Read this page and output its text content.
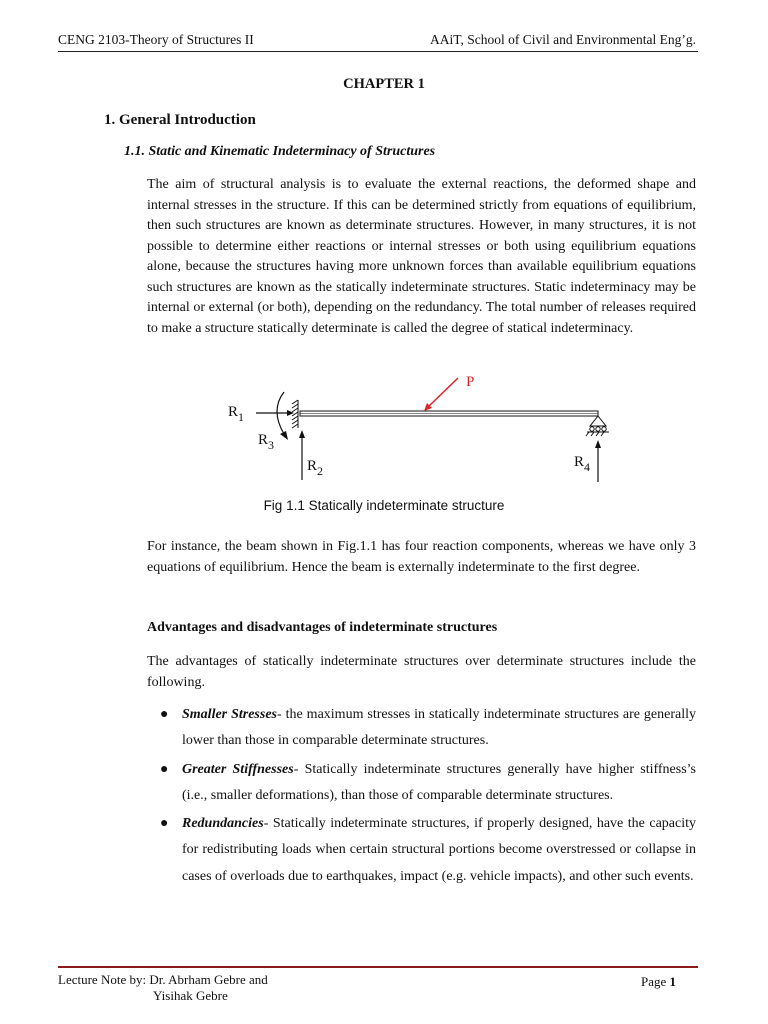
CENG 2103-Theory of Structures II	AAiT, School of Civil and Environmental Eng’g.
CHAPTER 1
1. General Introduction
1.1. Static and Kinematic Indeterminacy of Structures

The aim of structural analysis is to evaluate the external reactions, the deformed shape and internal stresses in the structure. If this can be determined strictly from equations of equilibrium, then such structures are known as determinate structures. However, in many structures, it is not possible to determine either reactions or internal stresses or both using equilibrium equations alone, because the structures having more unknown forces than available equilibrium equations such structures are known as the statically indeterminate structures. Static indeterminacy may be internal or external (or both), depending on the redundancy. The total number of releases required to make a structure statically determinate is called the degree of statical indeterminacy.

P
$R_1$
$R_3$
$R_2$
$R_4$
Fig 1.1 Statically indeterminate structure

For instance, the beam shown in Fig.1.1 has four reaction components, whereas we have only 3 equations of equilibrium. Hence the beam is externally indeterminate to the first degree.

Advantages and disadvantages of indeterminate structures

The advantages of statically indeterminate structures over determinate structures include the following.

● Smaller Stresses- the maximum stresses in statically indeterminate structures are generally lower than those in comparable determinate structures.
● Greater Stiffnesses- Statically indeterminate structures generally have higher stiffness’s (i.e., smaller deformations), than those of comparable determinate structures.
● Redundancies- Statically indeterminate structures, if properly designed, have the capacity for redistributing loads when certain structural portions become overstressed or collapse in cases of overloads due to earthquakes, impact (e.g. vehicle impacts), and other such events.
Lecture Note by: Dr. Abrham Gebre and
Yisihak Gebre
Page 1
